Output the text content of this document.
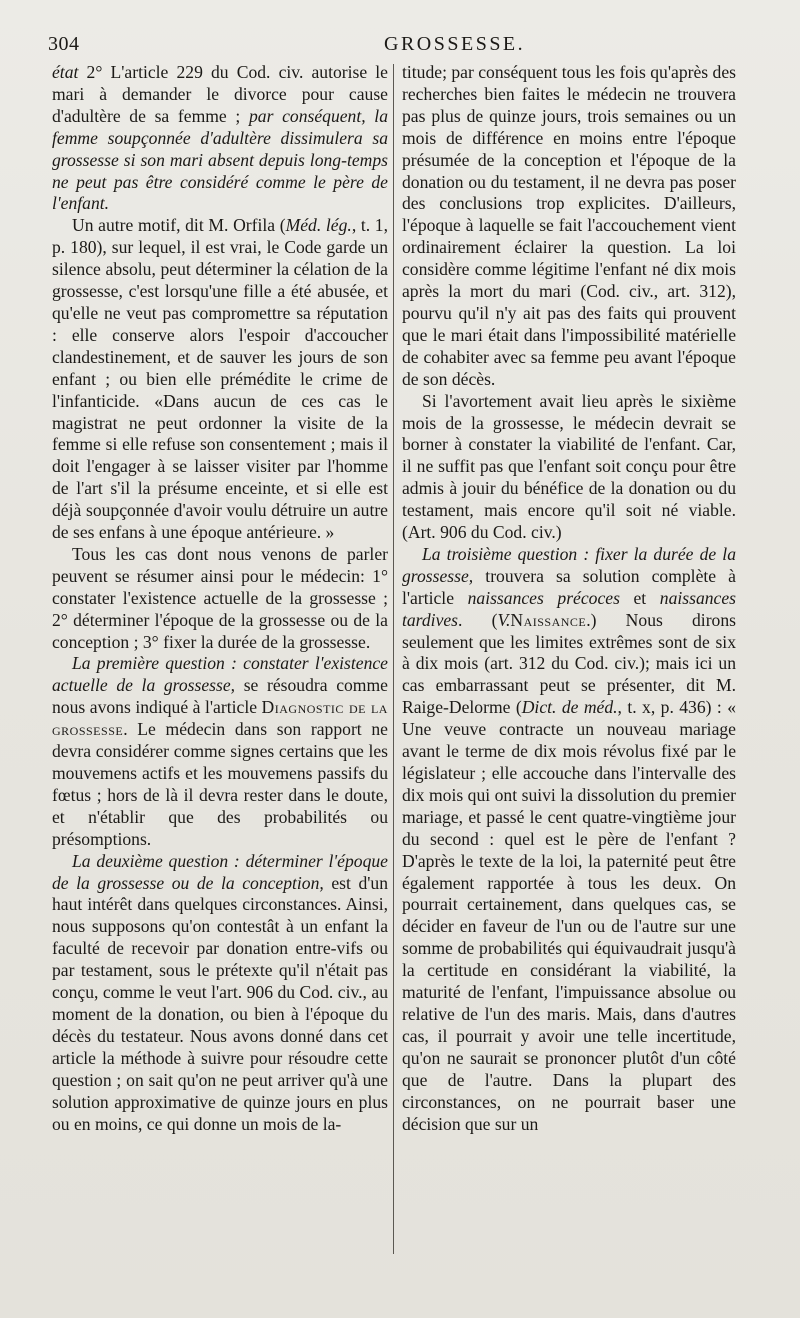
304	GROSSESSE.

état 2° L'article 229 du Cod. civ. autorise le mari à demander le divorce pour cause d'adultère de sa femme ; par conséquent, la femme soupçonnée d'adultère dissimulera sa grossesse si son mari absent depuis long-temps ne peut pas être considéré comme le père de l'enfant.

Un autre motif, dit M. Orfila (Méd. lég., t. 1, p. 180), sur lequel, il est vrai, le Code garde un silence absolu, peut déterminer la célation de la grossesse, c'est lorsqu'une fille a été abusée, et qu'elle ne veut pas compromettre sa réputation : elle conserve alors l'espoir d'accoucher clandestinement, et de sauver les jours de son enfant ; ou bien elle prémédite le crime de l'infanticide. «Dans aucun de ces cas le magistrat ne peut ordonner la visite de la femme si elle refuse son consentement ; mais il doit l'engager à se laisser visiter par l'homme de l'art s'il la présume enceinte, et si elle est déjà soupçonnée d'avoir voulu détruire un autre de ses enfans à une époque antérieure. »

Tous les cas dont nous venons de parler peuvent se résumer ainsi pour le médecin: 1° constater l'existence actuelle de la grossesse ; 2° déterminer l'époque de la grossesse ou de la conception ; 3° fixer la durée de la grossesse.

La première question : constater l'existence actuelle de la grossesse, se résoudra comme nous avons indiqué à l'article Diagnostic de la grossesse. Le médecin dans son rapport ne devra considérer comme signes certains que les mouvemens actifs et les mouvemens passifs du fœtus ; hors de là il devra rester dans le doute, et n'établir que des probabilités ou présomptions.

La deuxième question : déterminer l'époque de la grossesse ou de la conception, est d'un haut intérêt dans quelques circonstances. Ainsi, nous supposons qu'on contestât à un enfant la faculté de recevoir par donation entre-vifs ou par testament, sous le prétexte qu'il n'était pas conçu, comme le veut l'art. 906 du Cod. civ., au moment de la donation, ou bien à l'époque du décès du testateur. Nous avons donné dans cet article la méthode à suivre pour résoudre cette question ; on sait qu'on ne peut arriver qu'à une solution approximative de quinze jours en plus ou en moins, ce qui donne un mois de la-

titude; par conséquent tous les fois qu'après des recherches bien faites le médecin ne trouvera pas plus de quinze jours, trois semaines ou un mois de différence en moins entre l'époque présumée de la conception et l'époque de la donation ou du testament, il ne devra pas poser des conclusions trop explicites. D'ailleurs, l'époque à laquelle se fait l'accouchement vient ordinairement éclairer la question. La loi considère comme légitime l'enfant né dix mois après la mort du mari (Cod. civ., art. 312), pourvu qu'il n'y ait pas des faits qui prouvent que le mari était dans l'impossibilité matérielle de cohabiter avec sa femme peu avant l'époque de son décès.

Si l'avortement avait lieu après le sixième mois de la grossesse, le médecin devrait se borner à constater la viabilité de l'enfant. Car, il ne suffit pas que l'enfant soit conçu pour être admis à jouir du bénéfice de la donation ou du testament, mais encore qu'il soit né viable. (Art. 906 du Cod. civ.)

La troisième question : fixer la durée de la grossesse, trouvera sa solution complète à l'article naissances précoces et naissances tardives. (V.Naissance.) Nous dirons seulement que les limites extrêmes sont de six à dix mois (art. 312 du Cod. civ.); mais ici un cas embarrassant peut se présenter, dit M. Raige-Delorme (Dict. de méd., t. x, p. 436) : « Une veuve contracte un nouveau mariage avant le terme de dix mois révolus fixé par le législateur ; elle accouche dans l'intervalle des dix mois qui ont suivi la dissolution du premier mariage, et passé le cent quatre-vingtième jour du second : quel est le père de l'enfant ? D'après le texte de la loi, la paternité peut être également rapportée à tous les deux. On pourrait certainement, dans quelques cas, se décider en faveur de l'un ou de l'autre sur une somme de probabilités qui équivaudrait jusqu'à la certitude en considérant la viabilité, la maturité de l'enfant, l'impuissance absolue ou relative de l'un des maris. Mais, dans d'autres cas, il pourrait y avoir une telle incertitude, qu'on ne saurait se prononcer plutôt d'un côté que de l'autre. Dans la plupart des circonstances, on ne pourrait baser une décision que sur un
